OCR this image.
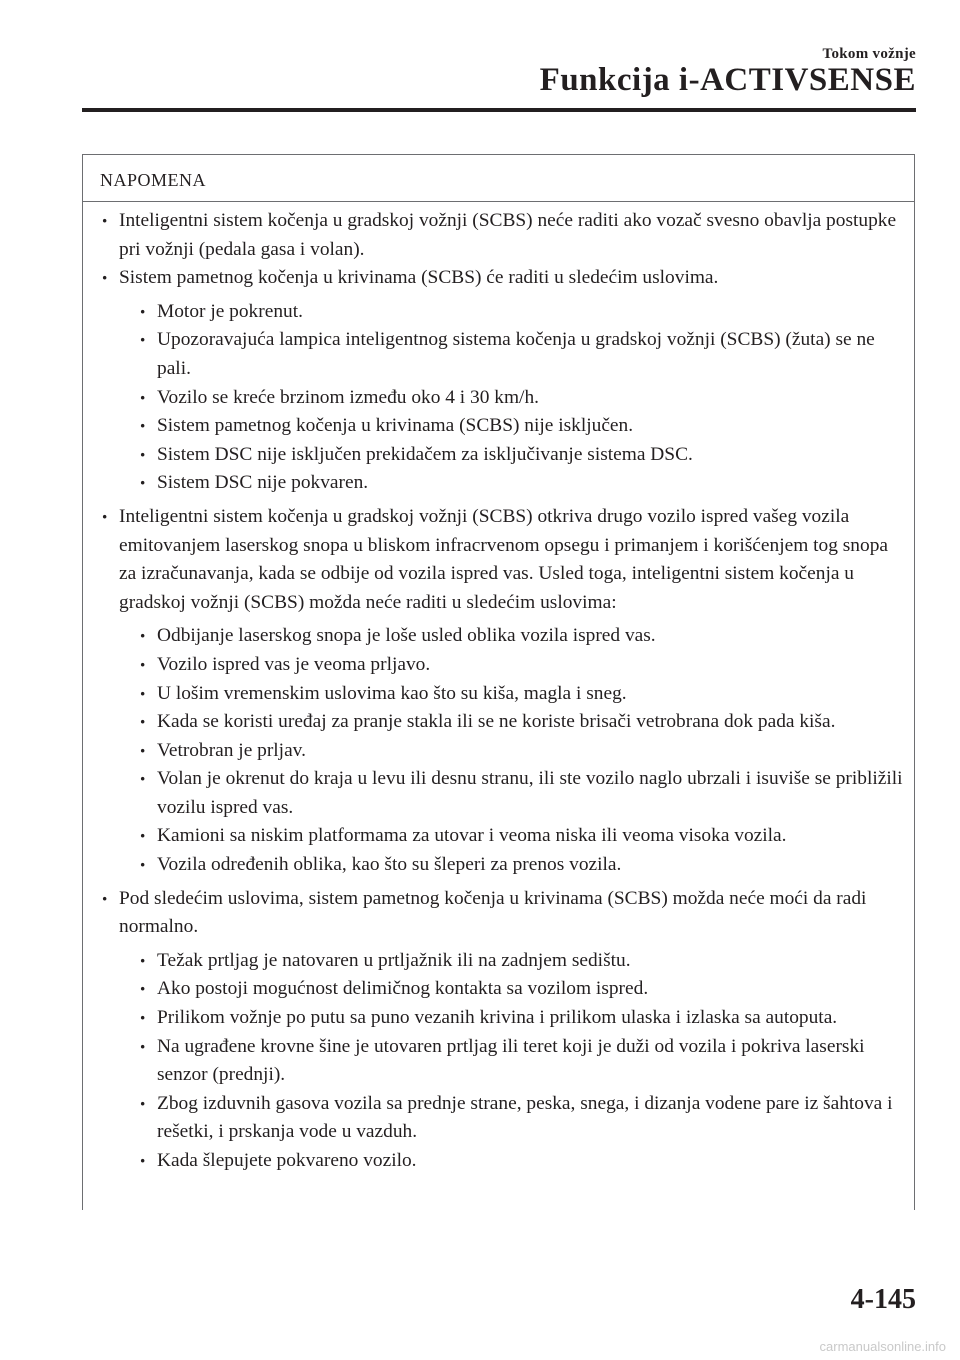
Tokom vožnje
Funkcija i-ACTIVSENSE
NAPOMENA
· Inteligentni sistem kočenja u gradskoj vožnji (SCBS) neće raditi ako vozač svesno obavlja postupke pri vožnji (pedala gasa i volan).
· Sistem pametnog kočenja u krivinama (SCBS) će raditi u sledećim uslovima.
· Motor je pokrenut.
· Upozoravajuća lampica inteligentnog sistema kočenja u gradskoj vožnji (SCBS) (žuta) se ne pali.
· Vozilo se kreće brzinom između oko 4 i 30 km/h.
· Sistem pametnog kočenja u krivinama (SCBS) nije isključen.
· Sistem DSC nije isključen prekidačem za isključivanje sistema DSC.
· Sistem DSC nije pokvaren.
· Inteligentni sistem kočenja u gradskoj vožnji (SCBS) otkriva drugo vozilo ispred vašeg vozila emitovanjem laserskog snopa u bliskom infracrvenom opsegu i primanjem i korišćenjem tog snopa za izračunavanja, kada se odbije od vozila ispred vas. Usled toga, inteligentni sistem kočenja u gradskoj vožnji (SCBS) možda neće raditi u sledećim uslovima:
· Odbijanje laserskog snopa je loše usled oblika vozila ispred vas.
· Vozilo ispred vas je veoma prljavo.
· U lošim vremenskim uslovima kao što su kiša, magla i sneg.
· Kada se koristi uređaj za pranje stakla ili se ne koriste brisači vetrobrana dok pada kiša.
· Vetrobran je prljav.
· Volan je okrenut do kraja u levu ili desnu stranu, ili ste vozilo naglo ubrzali i isuviše se približili vozilu ispred vas.
· Kamioni sa niskim platformama za utovar i veoma niska ili veoma visoka vozila.
· Vozila određenih oblika, kao što su šleperi za prenos vozila.
· Pod sledećim uslovima, sistem pametnog kočenja u krivinama (SCBS) možda neće moći da radi normalno.
· Težak prtljag je natovaren u prtljažnik ili na zadnjem sedištu.
· Ako postoji mogućnost delimičnog kontakta sa vozilom ispred.
· Prilikom vožnje po putu sa puno vezanih krivina i prilikom ulaska i izlaska sa autoputa.
· Na ugrađene krovne šine je utovaren prtljag ili teret koji je duži od vozila i pokriva laserski senzor (prednji).
· Zbog izduvnih gasova vozila sa prednje strane, peska, snega, i dizanja vodene pare iz šahtova i rešetki, i prskanja vode u vazduh.
· Kada šlepujete pokvareno vozilo.
4-145
carmanualsonline.info
